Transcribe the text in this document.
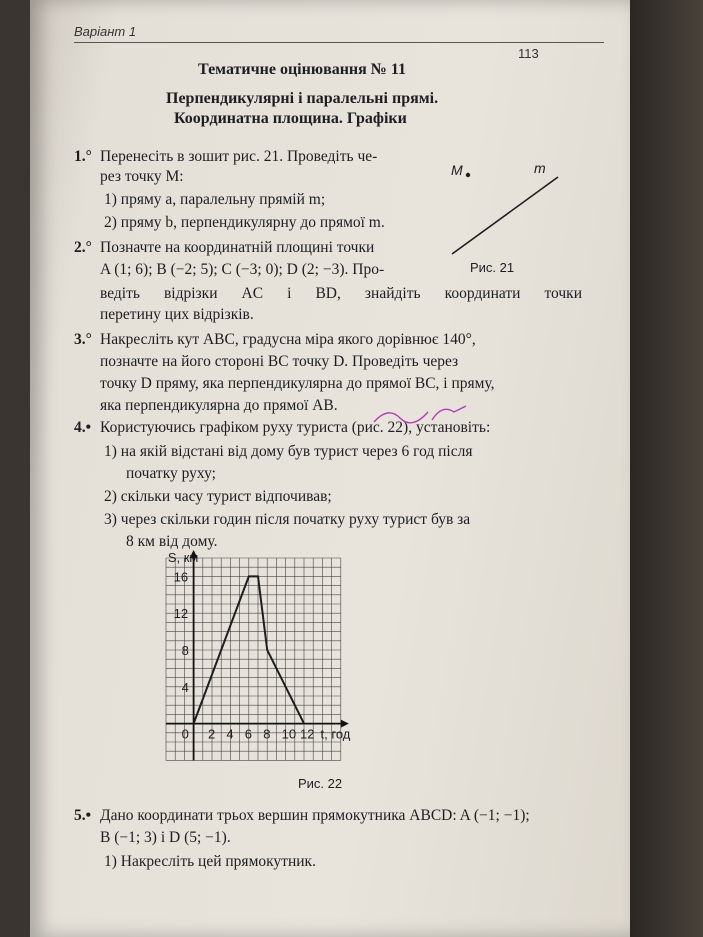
Варіант 1
113
Тематичне оцінювання № 11
Перпендикулярні і паралельні прямі.
Координатна площина. Графіки
1.° Перенесіть в зошит рис. 21. Проведіть че-
рез точку M:
1) пряму a, паралельну прямій m;
2) пряму b, перпендикулярну до прямої m.
M	m
Рис. 21
2.° Позначте на координатній площині точки
A (1; 6); B (−2; 5); C (−3; 0); D (2; −3). Про-
ведіть відрізки AC і BD, знайдіть координати точки
перетину цих відрізків.
3.° Накресліть кут ABC, градусна міра якого дорівнює 140°,
позначте на його стороні BC точку D. Проведіть через
точку D пряму, яка перпендикулярна до прямої BC, і пряму,
яка перпендикулярна до прямої AB.
4.• Користуючись графіком руху туриста (рис. 22), установіть:
1) на якій відстані від дому був турист через 6 год після
початку руху;
2) скільки часу турист відпочивав;
3) через скільки годин після початку руху турист був за
8 км від дому.
0 2 4 6 8 10 12
4
8
12
16
S, км
t, год
Рис. 22
5.• Дано координати трьох вершин прямокутника ABCD: A (−1; −1);
B (−1; 3) і D (5; −1).
1) Накресліть цей прямокутник.
